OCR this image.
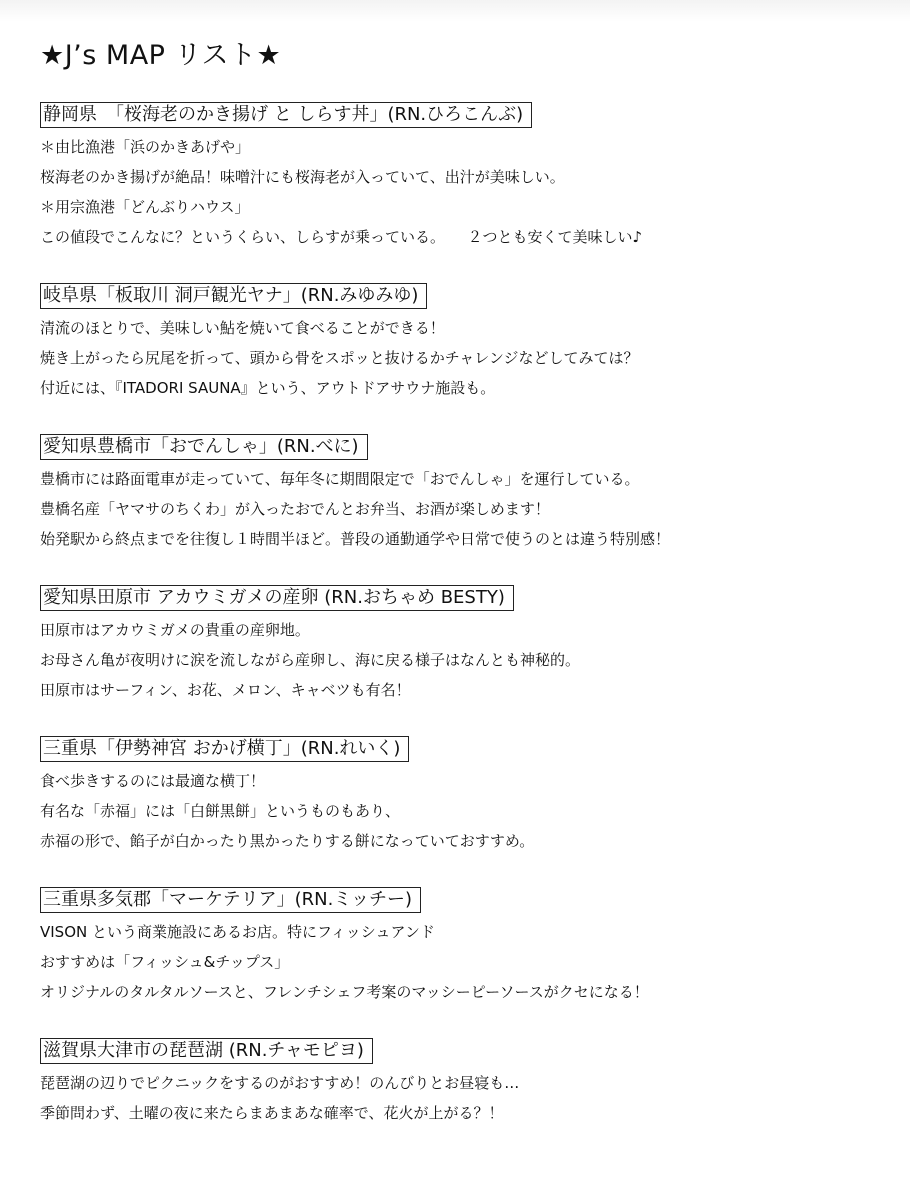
★J’s MAP リスト★
静岡県　「桜海老のかき揚げ と しらす丼」(RN.ひろこんぶ)
＊由比漁港「浜のかきあげや」
桜海老のかき揚げが絶品！味噌汁にも桜海老が入っていて、出汁が美味しい。
＊用宗漁港「どんぶりハウス」
この値段でこんなに？というくらい、しらすが乗っている。　　２つとも安くて美味しい♪
岐阜県「板取川 洞戸観光ヤナ」(RN.みゆみゆ)
清流のほとりで、美味しい鮎を焼いて食べることができる！
焼き上がったら尻尾を折って、頭から骨をスポッと抜けるかチャレンジなどしてみては？
付近には、『ITADORI SAUNA』という、アウトドアサウナ施設も。
愛知県豊橋市「おでんしゃ」(RN.べに)
豊橋市には路面電車が走っていて、毎年冬に期間限定で「おでんしゃ」を運行している。
豊橋名産「ヤマサのちくわ」が入ったおでんとお弁当、お酒が楽しめます！
始発駅から終点までを往復し１時間半ほど。普段の通勤通学や日常で使うのとは違う特別感！
愛知県田原市 アカウミガメの産卵 (RN.おちゃめ BESTY)
田原市はアカウミガメの貴重の産卵地。
お母さん亀が夜明けに涙を流しながら産卵し、海に戻る様子はなんとも神秘的。
田原市はサーフィン、お花、メロン、キャベツも有名！
三重県「伊勢神宮 おかげ横丁」(RN.れいく)
食べ歩きするのには最適な横丁！
有名な「赤福」には「白餅黒餅」というものもあり、
赤福の形で、餡子が白かったり黒かったりする餅になっていておすすめ。
三重県多気郡「マーケテリア」(RN.ミッチー)
VISON という商業施設にあるお店。特にフィッシュアンド
おすすめは「フィッシュ&チップス」
オリジナルのタルタルソースと、フレンチシェフ考案のマッシーピーソースがクセになる！
滋賀県大津市の琵琶湖 (RN.チャモピヨ)
琵琶湖の辺りでピクニックをするのがおすすめ！のんびりとお昼寝も…
季節問わず、土曜の夜に来たらまあまあな確率で、花火が上がる？！
